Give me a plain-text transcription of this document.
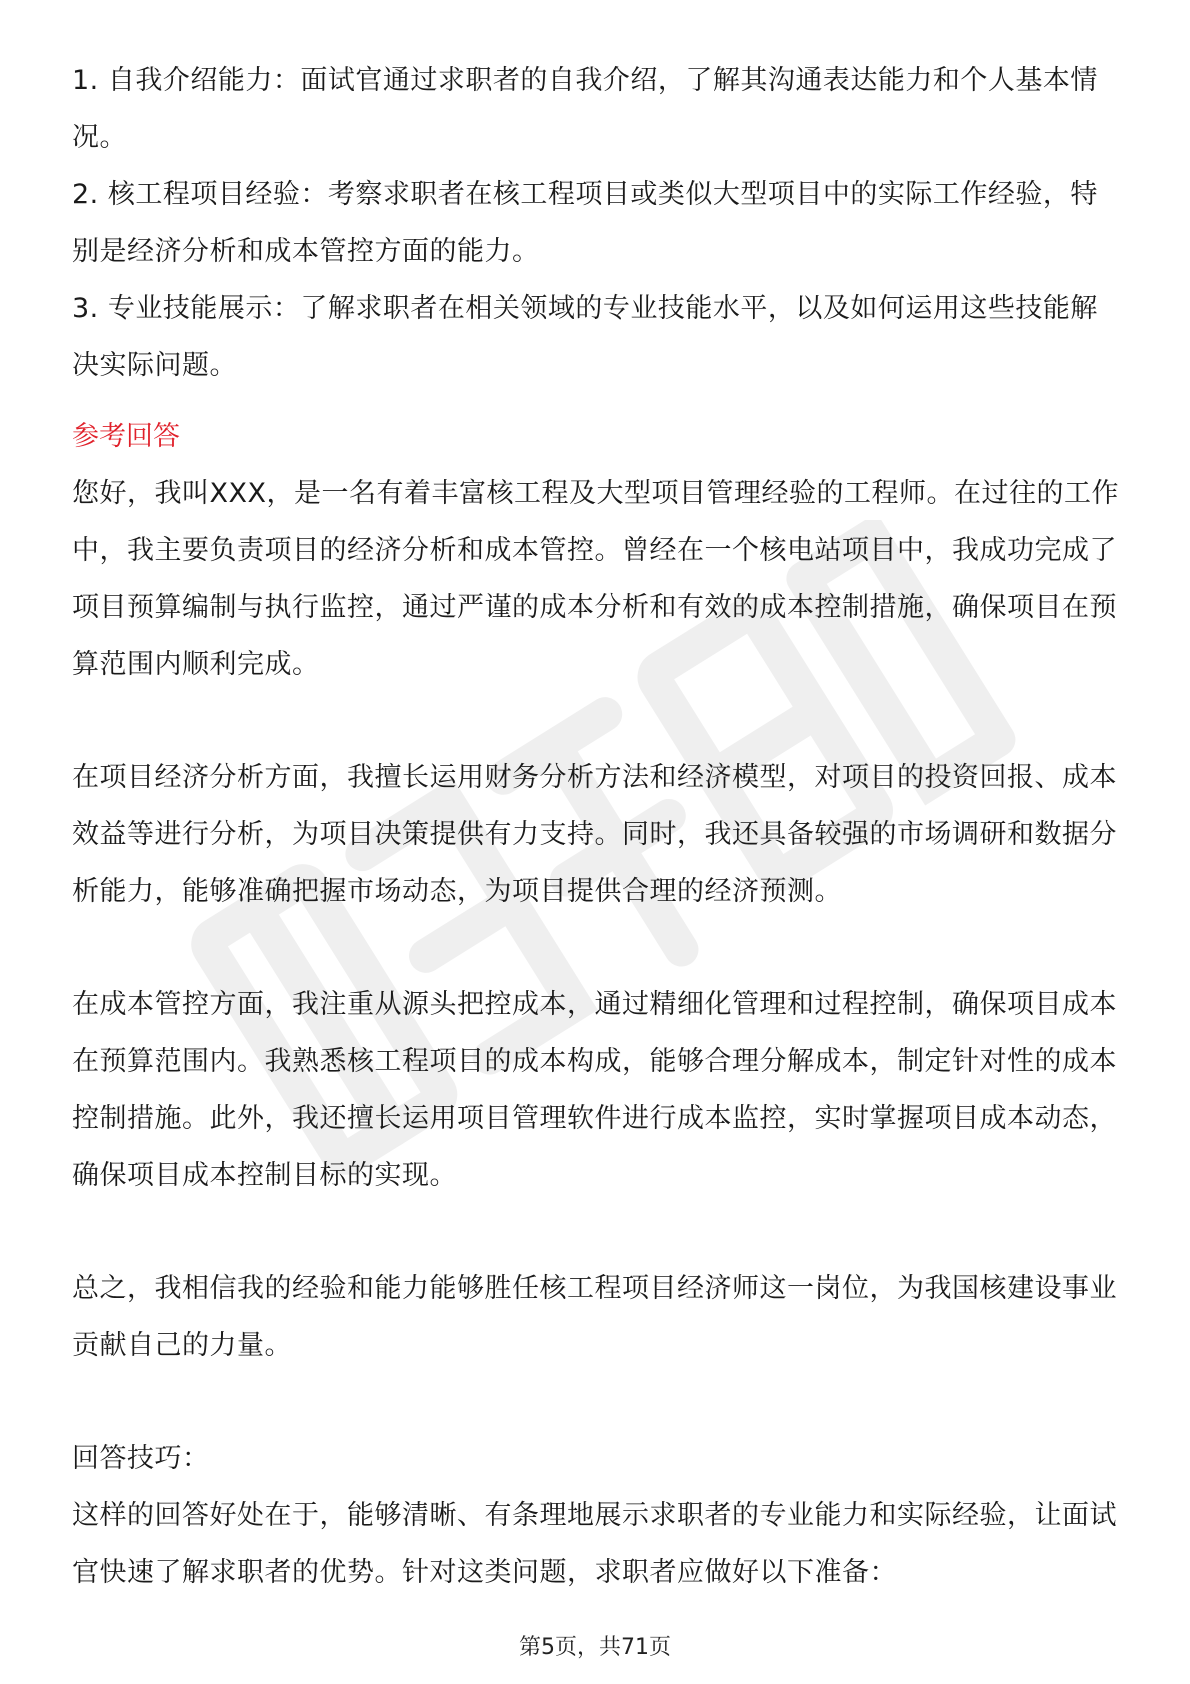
1. 自我介绍能力：面试官通过求职者的自我介绍，了解其沟通表达能力和个人基本情况。

2. 核工程项目经验：考察求职者在核工程项目或类似大型项目中的实际工作经验，特别是经济分析和成本管控方面的能力。

3. 专业技能展示：了解求职者在相关领域的专业技能水平，以及如何运用这些技能解决实际问题。

参考回答

您好，我叫XXX，是一名有着丰富核工程及大型项目管理经验的工程师。在过往的工作中，我主要负责项目的经济分析和成本管控。曾经在一个核电站项目中，我成功完成了项目预算编制与执行监控，通过严谨的成本分析和有效的成本控制措施，确保项目在预算范围内顺利完成。

在项目经济分析方面，我擅长运用财务分析方法和经济模型，对项目的投资回报、成本效益等进行分析，为项目决策提供有力支持。同时，我还具备较强的市场调研和数据分析能力，能够准确把握市场动态，为项目提供合理的经济预测。

在成本管控方面，我注重从源头把控成本，通过精细化管理和过程控制，确保项目成本在预算范围内。我熟悉核工程项目的成本构成，能够合理分解成本，制定针对性的成本控制措施。此外，我还擅长运用项目管理软件进行成本监控，实时掌握项目成本动态，确保项目成本控制目标的实现。

总之，我相信我的经验和能力能够胜任核工程项目经济师这一岗位，为我国核建设事业贡献自己的力量。

回答技巧：

这样的回答好处在于，能够清晰、有条理地展示求职者的专业能力和实际经验，让面试官快速了解求职者的优势。针对这类问题，求职者应做好以下准备：

第5页，共71页
